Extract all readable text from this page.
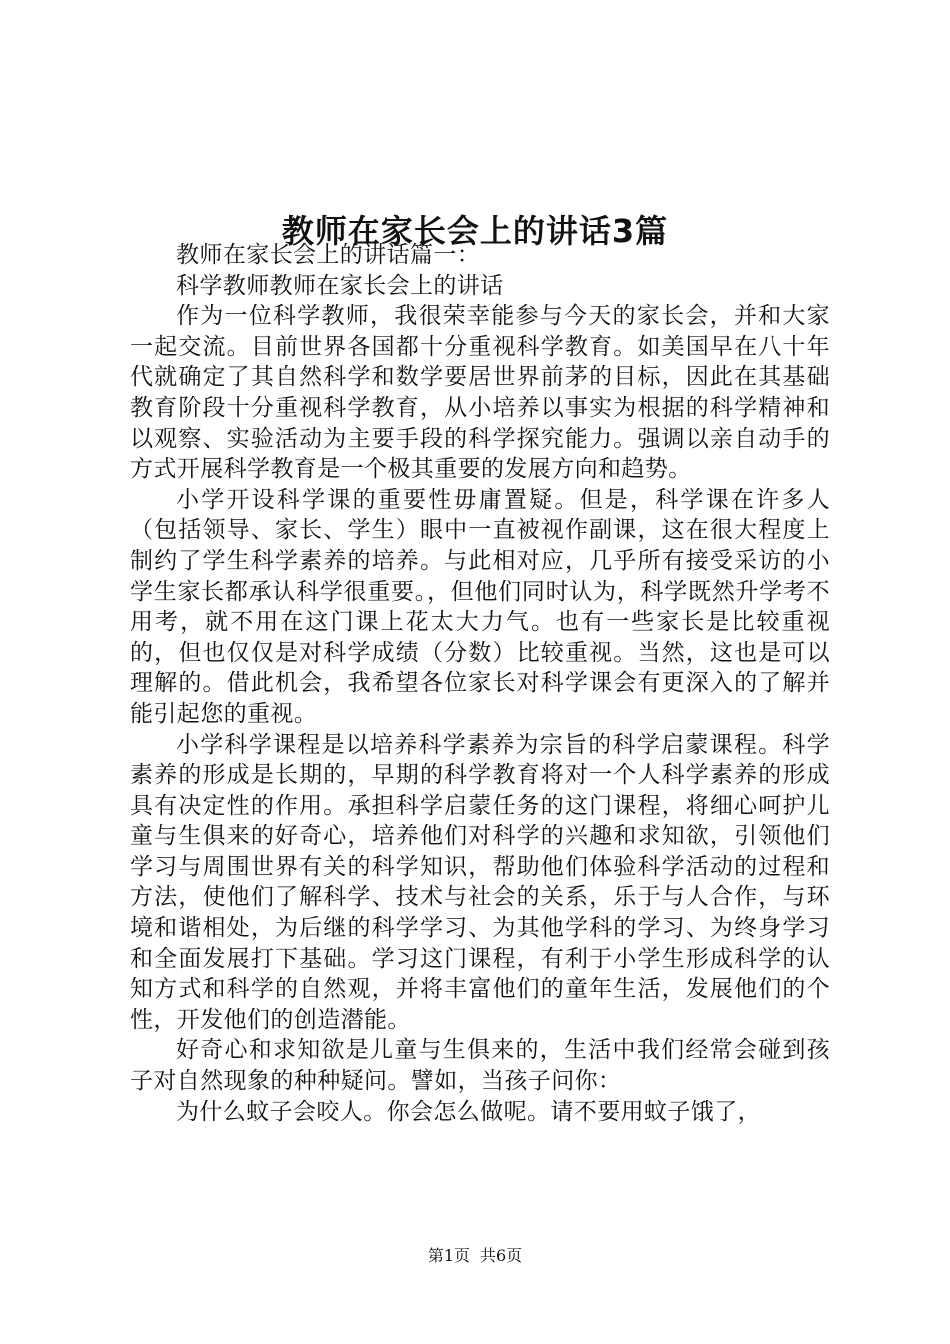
教师在家长会上的讲话3篇

教师在家长会上的讲话篇一：

科学教师教师在家长会上的讲话

作为一位科学教师，我很荣幸能参与今天的家长会，并和大家一起交流。目前世界各国都十分重视科学教育。如美国早在八十年代就确定了其自然科学和数学要居世界前茅的目标，因此在其基础教育阶段十分重视科学教育，从小培养以事实为根据的科学精神和以观察、实验活动为主要手段的科学探究能力。强调以亲自动手的方式开展科学教育是一个极其重要的发展方向和趋势。

小学开设科学课的重要性毋庸置疑。但是，科学课在许多人（包括领导、家长、学生）眼中一直被视作副课，这在很大程度上制约了学生科学素养的培养。与此相对应，几乎所有接受采访的小学生家长都承认科学很重要。，但他们同时认为，科学既然升学考不用考，就不用在这门课上花太大力气。也有一些家长是比较重视的，但也仅仅是对科学成绩（分数）比较重视。当然，这也是可以理解的。借此机会，我希望各位家长对科学课会有更深入的了解并能引起您的重视。

小学科学课程是以培养科学素养为宗旨的科学启蒙课程。科学素养的形成是长期的，早期的科学教育将对一个人科学素养的形成具有决定性的作用。承担科学启蒙任务的这门课程，将细心呵护儿童与生俱来的好奇心，培养他们对科学的兴趣和求知欲，引领他们学习与周围世界有关的科学知识，帮助他们体验科学活动的过程和方法，使他们了解科学、技术与社会的关系，乐于与人合作，与环境和谐相处，为后继的科学学习、为其他学科的学习、为终身学习和全面发展打下基础。学习这门课程，有利于小学生形成科学的认知方式和科学的自然观，并将丰富他们的童年生活，发展他们的个性，开发他们的创造潜能。

好奇心和求知欲是儿童与生俱来的，生活中我们经常会碰到孩子对自然现象的种种疑问。譬如，当孩子问你：

为什么蚊子会咬人。你会怎么做呢。请不要用蚊子饿了，

第1页 共6页
